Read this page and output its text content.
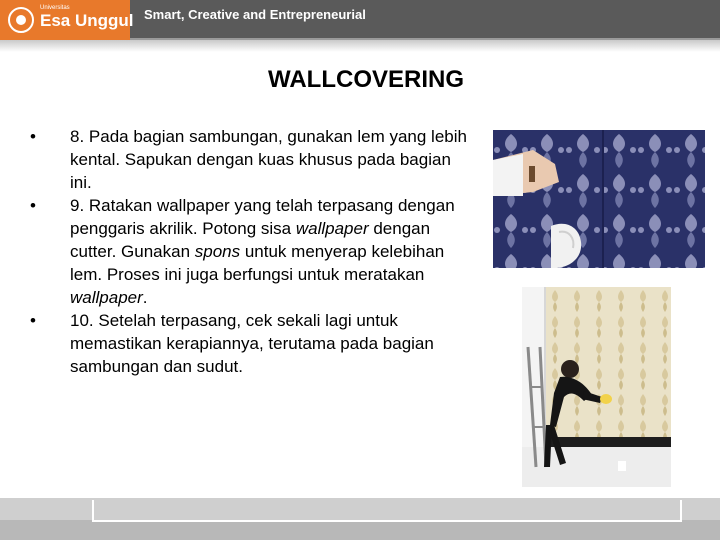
Universitas
Esa Unggul Smart, Creative and Entrepreneurial
WALLCOVERING
•	8. Pada bagian sambungan, gunakan lem yang lebih kental. Sapukan dengan kuas khusus pada bagian ini.
•	9. Ratakan wallpaper yang telah terpasang dengan penggaris akrilik. Potong sisa wallpaper dengan cutter. Gunakan spons untuk menyerap kelebihan lem. Proses ini juga berfungsi untuk meratakan wallpaper.
•	10. Setelah terpasang, cek sekali lagi untuk memastikan kerapiannya, terutama pada bagian sambungan dan sudut.
